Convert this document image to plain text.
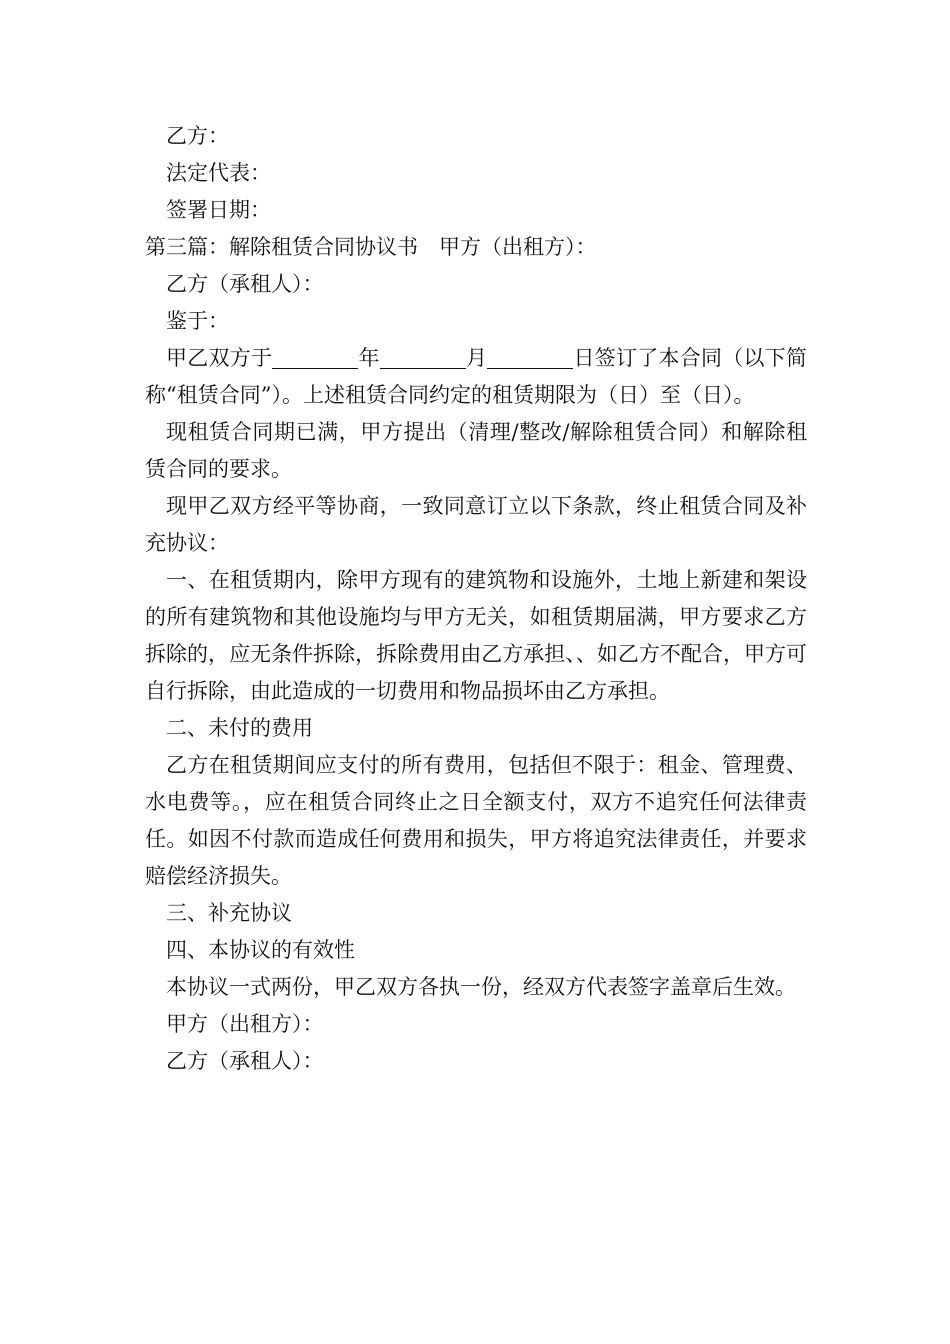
乙方：

法定代表：

签署日期：

第三篇：解除租赁合同协议书　甲方（出租方）：

乙方（承租人）：

鉴于：

甲乙双方于	年	月	日签订了本合同（以下简称“租赁合同”）。上述租赁合同约定的租赁期限为（日）至（日）。

现租赁合同期已满，甲方提出（清理/整改/解除租赁合同）和解除租赁合同的要求。

现甲乙双方经平等协商，一致同意订立以下条款，终止租赁合同及补充协议：

一、在租赁期内，除甲方现有的建筑物和设施外，土地上新建和架设的所有建筑物和其他设施均与甲方无关，如租赁期届满，甲方要求乙方拆除的，应无条件拆除，拆除费用由乙方承担、、如乙方不配合，甲方可自行拆除，由此造成的一切费用和物品损坏由乙方承担。

二、未付的费用

乙方在租赁期间应支付的所有费用，包括但不限于：租金、管理费、水电费等。，应在租赁合同终止之日全额支付，双方不追究任何法律责任。如因不付款而造成任何费用和损失，甲方将追究法律责任，并要求赔偿经济损失。

三、补充协议

四、本协议的有效性

本协议一式两份，甲乙双方各执一份，经双方代表签字盖章后生效。

甲方（出租方）：

乙方（承租人）：
